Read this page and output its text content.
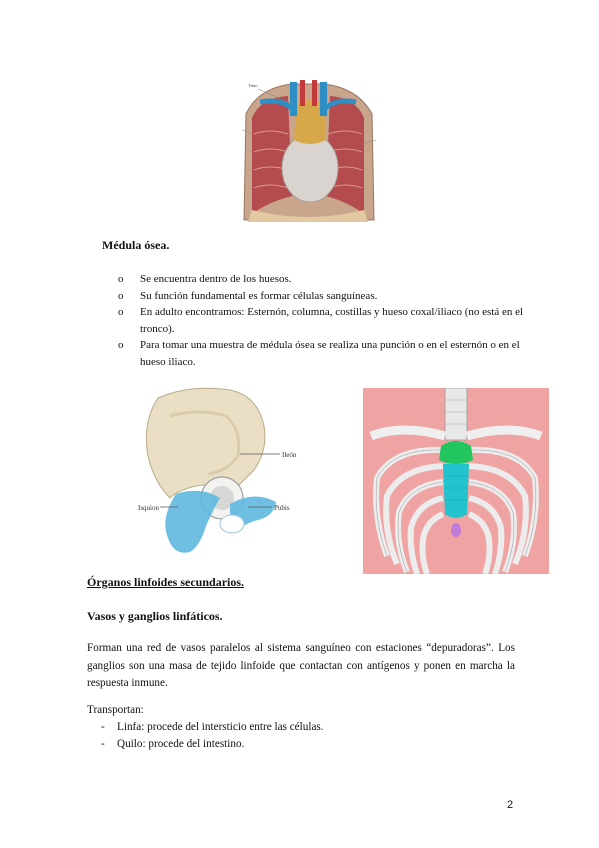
Timo
Médula ósea.
o Se encuentra dentro de los huesos.
o Su función fundamental es formar células sanguíneas.
o En adulto encontramos: Esternón, columna, costillas y hueso coxal/iliaco (no está en el tronco).
o Para tomar una muestra de médula ósea se realiza una punción o en el esternón o en el hueso iliaco.
Ileón
Isquion	Pubis
Órganos linfoides secundarios.
Vasos y ganglios linfáticos.
Forman una red de vasos paralelos al sistema sanguíneo con estaciones “depuradoras”. Los ganglios son una masa de tejido linfoide que contactan con antígenos y ponen en marcha la respuesta inmune.
Transportan:
- Linfa: procede del intersticio entre las células.
- Quilo: procede del intestino.
2
